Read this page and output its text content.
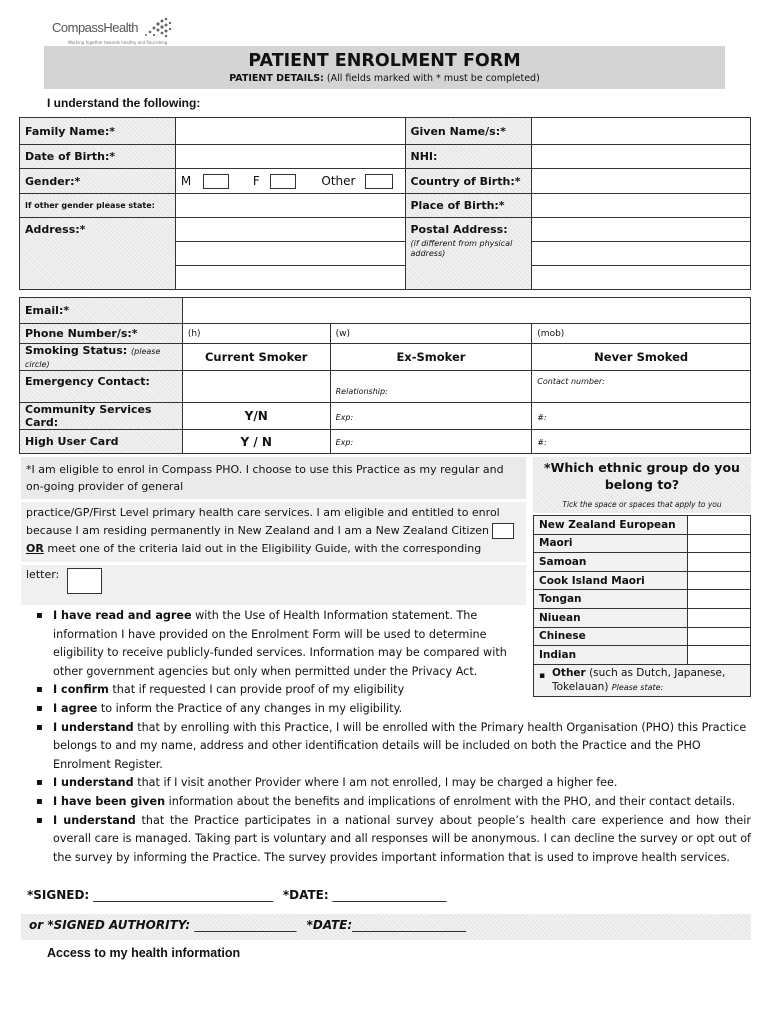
CompassHealth
Working together towards healthy and flourishing
PATIENT ENROLMENT FORM
PATIENT DETAILS: (All fields marked with * must be completed)
I understand the following:
Family Name:*		Given Name/s:*	
Date of Birth:*		NHI:	
Gender:*	M F Other	Country of Birth:*	
If other gender please state:		Place of Birth:*	
Address:*		Postal Address:
(if different from physical address)	

Email:*			
Phone Number/s:*	(h)	(w)	(mob)
Smoking Status: (please circle)	Current Smoker	Ex-Smoker	Never Smoked
Emergency Contact:		Relationship:	Contact number:
Community Services Card:	Y/N	Exp:	#:
High User Card	Y / N	Exp:	#:
*I am eligible to enrol in Compass PHO. I choose to use this Practice as my regular and on-going provider of general
practice/GP/First Level primary health care services. I am eligible and entitled to enrol because I am residing permanently in New Zealand and I am a New Zealand Citizen  OR meet one of the criteria laid out in the Eligibility Guide, with the corresponding
letter:
*Which ethnic group do you belong to?
Tick the space or spaces that apply to you
New Zealand European	
Maori	
Samoan	
Cook Island Maori	
Tongan	
Niuean	
Chinese	
Indian	

▪ Other (such as Dutch, Japanese, Tokelauan) Please state:	
▪ I have read and agree with the Use of Health Information statement. The information I have provided on the Enrolment Form will be used to determine eligibility to receive publicly-funded services. Information may be compared with other government agencies but only when permitted under the Privacy Act.
▪ I confirm that if requested I can provide proof of my eligibility
▪ I agree to inform the Practice of any changes in my eligibility.
▪ I understand that by enrolling with this Practice, I will be enrolled with the Primary health Organisation (PHO) this Practice belongs to and my name, address and other identification details will be included on both the Practice and the PHO Enrolment Register.
▪ I understand that if I visit another Provider where I am not enrolled, I may be charged a higher fee.
▪ I have been given information about the benefits and implications of enrolment with the PHO, and their contact details.
▪ I understand that the Practice participates in a national survey about people’s health care experience and how their overall care is managed. Taking part is voluntary and all responses will be anonymous. I can decline the survey or opt out of the survey by informing the Practice. The survey provides important information that is used to improve health services.
*SIGNED: ______________________________ *DATE: ___________________
or *SIGNED AUTHORITY: _________________ *DATE:___________________
Access to my health information
